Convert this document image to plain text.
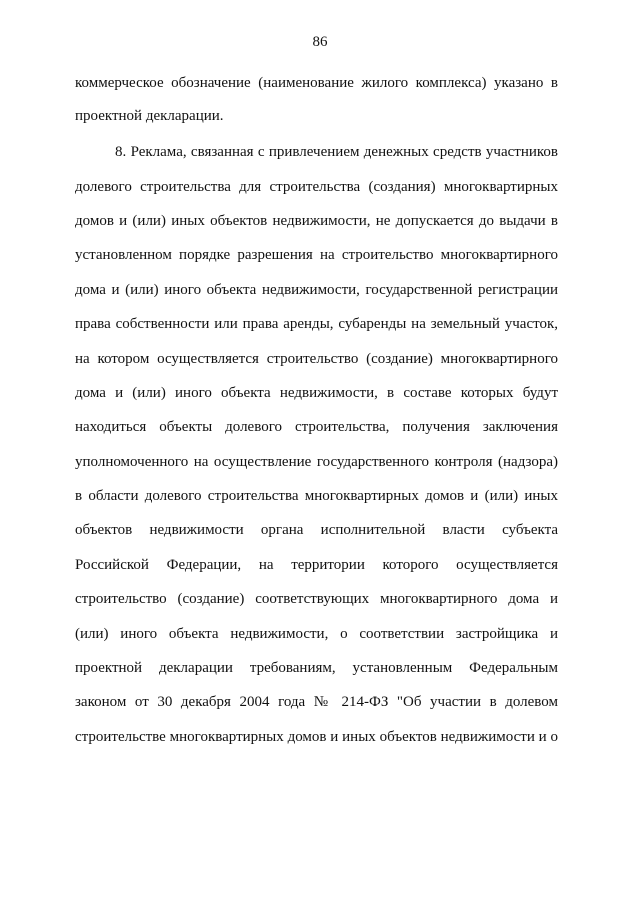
86
коммерческое обозначение (наименование жилого комплекса) указано в
проектной декларации.
8. Реклама, связанная с привлечением денежных средств участников
долевого строительства для строительства (создания) многоквартирных
домов и (или) иных объектов недвижимости, не допускается до выдачи в
установленном порядке разрешения на строительство многоквартирного
дома и (или) иного объекта недвижимости, государственной регистрации
права собственности или права аренды, субаренды на земельный участок,
на котором осуществляется строительство (создание) многоквартирного
дома и (или) иного объекта недвижимости, в составе которых будут
находиться объекты долевого строительства, получения заключения
уполномоченного на осуществление государственного контроля (надзора)
в области долевого строительства многоквартирных домов и (или) иных
объектов недвижимости органа исполнительной власти субъекта
Российской Федерации, на территории которого осуществляется
строительство (создание) соответствующих многоквартирного дома и
(или) иного объекта недвижимости, о соответствии застройщика и
проектной декларации требованиям, установленным Федеральным
законом от 30 декабря 2004 года № 214-ФЗ "Об участии в долевом
строительстве многоквартирных домов и иных объектов недвижимости и о
